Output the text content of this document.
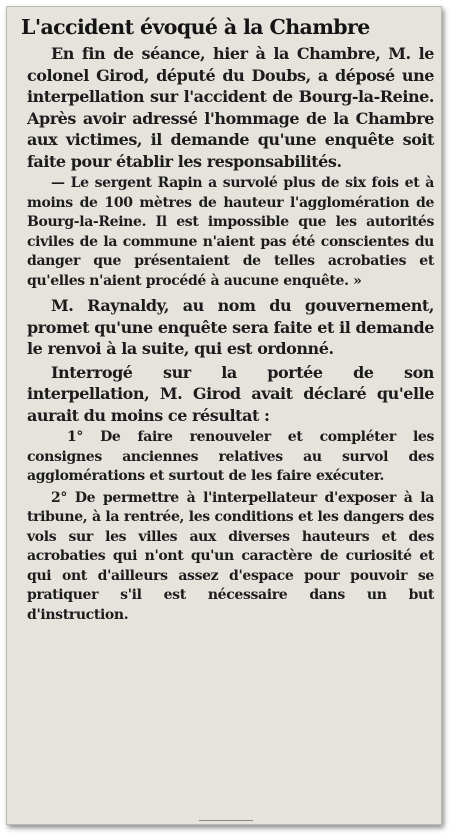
L'accident évoqué à la Chambre

En fin de séance, hier à la Chambre, M. le colonel Girod, député du Doubs, a déposé une interpellation sur l'accident de Bourg-la-Reine. Après avoir adressé l'hommage de la Chambre aux victimes, il demande qu'une enquête soit faite pour établir les responsabilités.

— Le sergent Rapin a survolé plus de six fois et à moins de 100 mètres de hauteur l'agglomération de Bourg-la-Reine. Il est impossible que les autorités civiles de la commune n'aient pas été conscientes du danger que présentaient de telles acrobaties et qu'elles n'aient procédé à aucune enquête. »

M. Raynaldy, au nom du gouvernement, promet qu'une enquête sera faite et il demande le renvoi à la suite, qui est ordonné.

Interrogé sur la portée de son interpellation, M. Girod avait déclaré qu'elle aurait du moins ce résultat :

1° De faire renouveler et compléter les consignes anciennes relatives au survol des agglomérations et surtout de les faire exécuter.

2° De permettre à l'interpellateur d'exposer à la tribune, à la rentrée, les conditions et les dangers des vols sur les villes aux diverses hauteurs et des acrobaties qui n'ont qu'un caractère de curiosité et qui ont d'ailleurs assez d'espace pour pouvoir se pratiquer s'il est nécessaire dans un but d'instruction.
